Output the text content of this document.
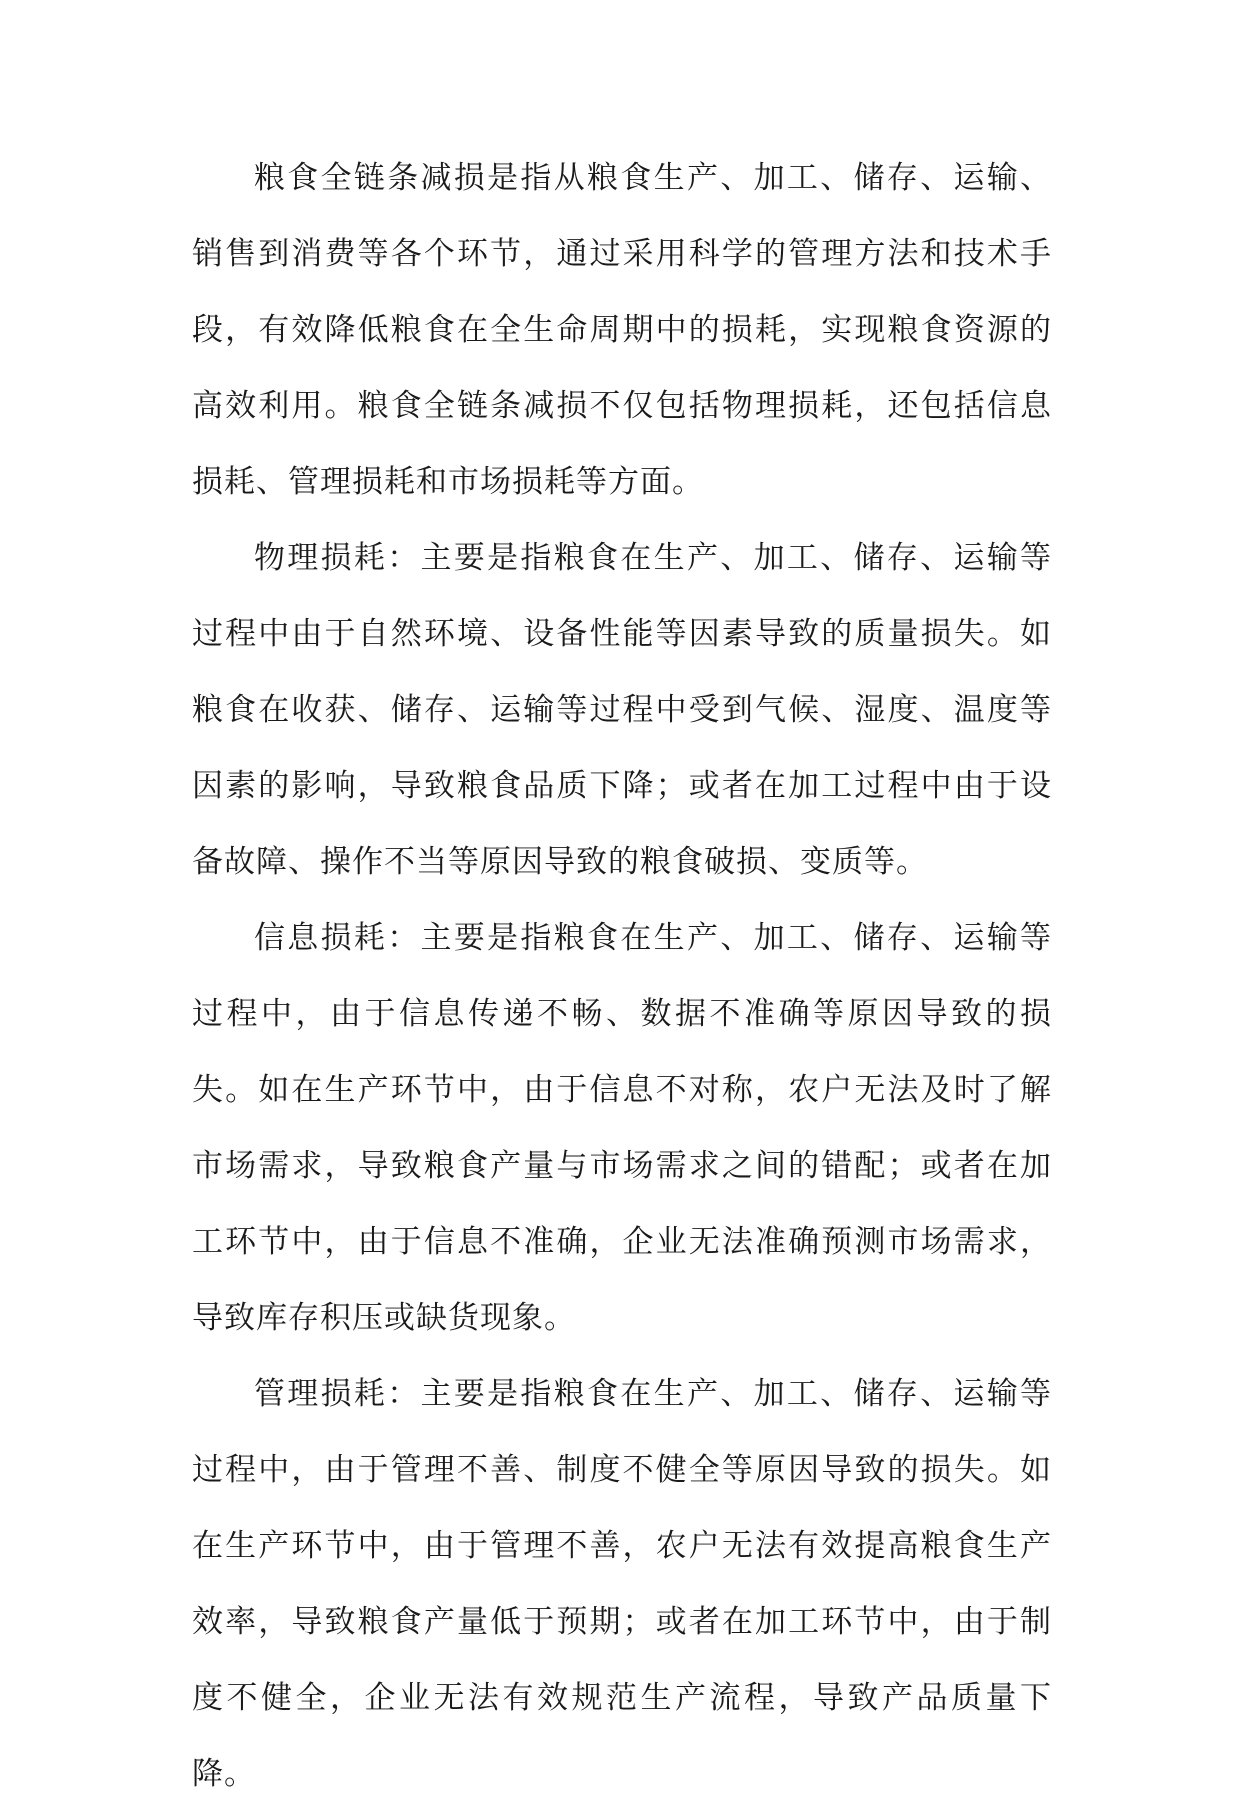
粮食全链条减损是指从粮食生产、加工、储存、运输、销售到消费等各个环节，通过采用科学的管理方法和技术手段，有效降低粮食在全生命周期中的损耗，实现粮食资源的高效利用。粮食全链条减损不仅包括物理损耗，还包括信息损耗、管理损耗和市场损耗等方面。

物理损耗：主要是指粮食在生产、加工、储存、运输等过程中由于自然环境、设备性能等因素导致的质量损失。如粮食在收获、储存、运输等过程中受到气候、湿度、温度等因素的影响，导致粮食品质下降；或者在加工过程中由于设备故障、操作不当等原因导致的粮食破损、变质等。

信息损耗：主要是指粮食在生产、加工、储存、运输等过程中，由于信息传递不畅、数据不准确等原因导致的损失。如在生产环节中，由于信息不对称，农户无法及时了解市场需求，导致粮食产量与市场需求之间的错配；或者在加工环节中，由于信息不准确，企业无法准确预测市场需求，导致库存积压或缺货现象。

管理损耗：主要是指粮食在生产、加工、储存、运输等过程中，由于管理不善、制度不健全等原因导致的损失。如在生产环节中，由于管理不善，农户无法有效提高粮食生产效率，导致粮食产量低于预期；或者在加工环节中，由于制度不健全，企业无法有效规范生产流程，导致产品质量下降。
